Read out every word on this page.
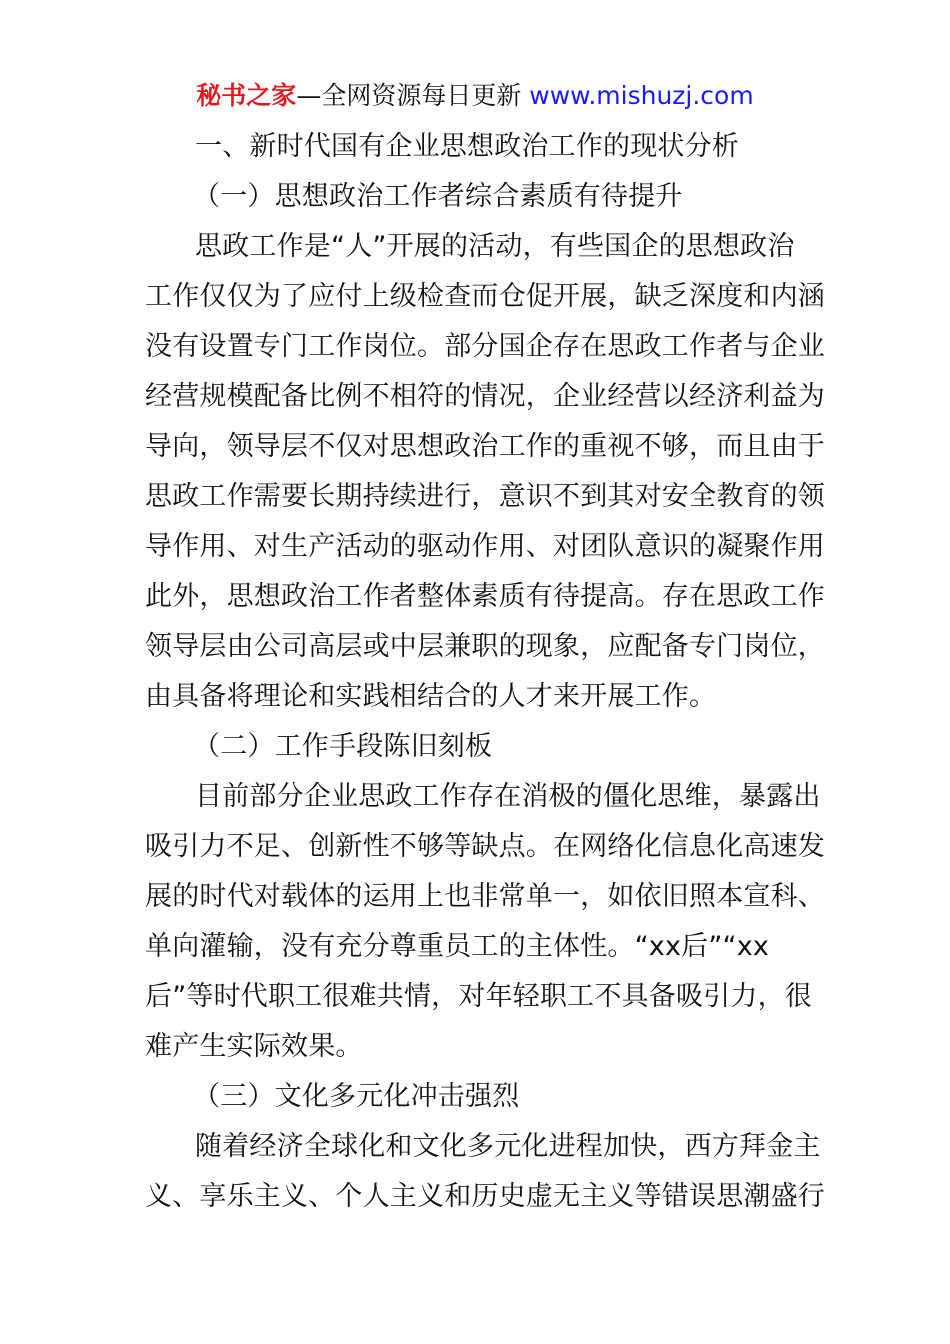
秘书之家—全网资源每日更新 www.mishuzj.com
一、新时代国有企业思想政治工作的现状分析
（一）思想政治工作者综合素质有待提升
思政工作是“人”开展的活动，有些国企的思想政治
工作仅仅为了应付上级检查而仓促开展，缺乏深度和内涵
没有设置专门工作岗位。部分国企存在思政工作者与企业
经营规模配备比例不相符的情况，企业经营以经济利益为
导向，领导层不仅对思想政治工作的重视不够，而且由于
思政工作需要长期持续进行，意识不到其对安全教育的领
导作用、对生产活动的驱动作用、对团队意识的凝聚作用
此外，思想政治工作者整体素质有待提高。存在思政工作
领导层由公司高层或中层兼职的现象，应配备专门岗位，
由具备将理论和实践相结合的人才来开展工作。
（二）工作手段陈旧刻板
目前部分企业思政工作存在消极的僵化思维，暴露出
吸引力不足、创新性不够等缺点。在网络化信息化高速发
展的时代对载体的运用上也非常单一，如依旧照本宣科、
单向灌输，没有充分尊重员工的主体性。“xx后”“xx
后”等时代职工很难共情，对年轻职工不具备吸引力，很
难产生实际效果。
（三）文化多元化冲击强烈
随着经济全球化和文化多元化进程加快，西方拜金主
义、享乐主义、个人主义和历史虚无主义等错误思潮盛行
